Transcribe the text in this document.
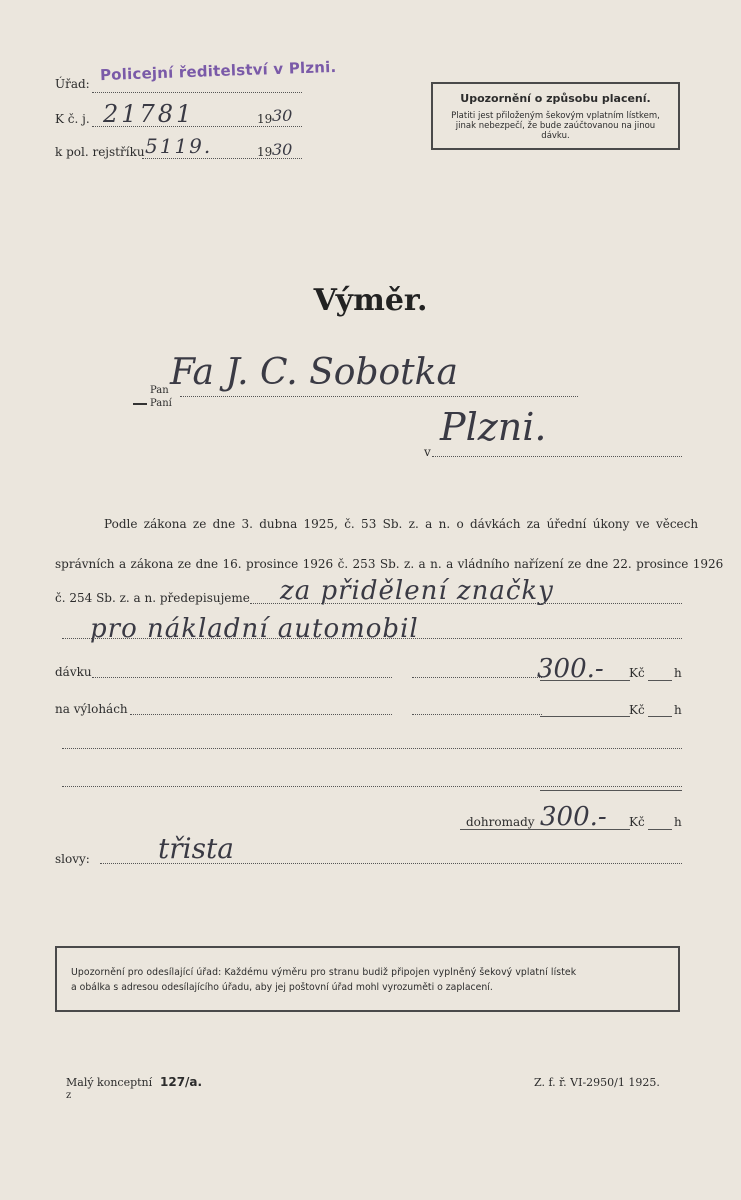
Úřad: Policejní ředitelství v Plzni.
K č. j. 21781	19 30
k pol. rejstříku 5119.	19 30
Upozornění o způsobu placení.
Platiti jest přiloženým šekovým vplatním lístkem,
jinak nebezpečí, že bude zaúčtovanou na jinou
dávku.
Výměr.
Pan
Paní
Fa J. C. Sobotka
v
Plzni.
Podle zákona ze dne 3. dubna 1925, č. 53 Sb. z. a n. o dávkách za úřední úkony ve věcech
správních a zákona ze dne 16. prosince 1926 č. 253 Sb. z. a n. a vládního nařízení ze dne 22. prosince 1926
č. 254 Sb. z. a n. předepisujeme za přidělení značky
pro nákladní automobil
dávku	300.- Kč h
na výlohách	Kč h
dohromady 300.- Kč h
slovy: třista
Upozornění pro odesílající úřad: Každému výměru pro stranu budiž připojen vyplněný šekový vplatní lístek
a obálka s adresou odesílajícího úřadu, aby jej poštovní úřad mohl vyrozuměti o zaplacení.
Malý konceptní 127/a.
z
Z. f. ř. VI-2950/1 1925.
